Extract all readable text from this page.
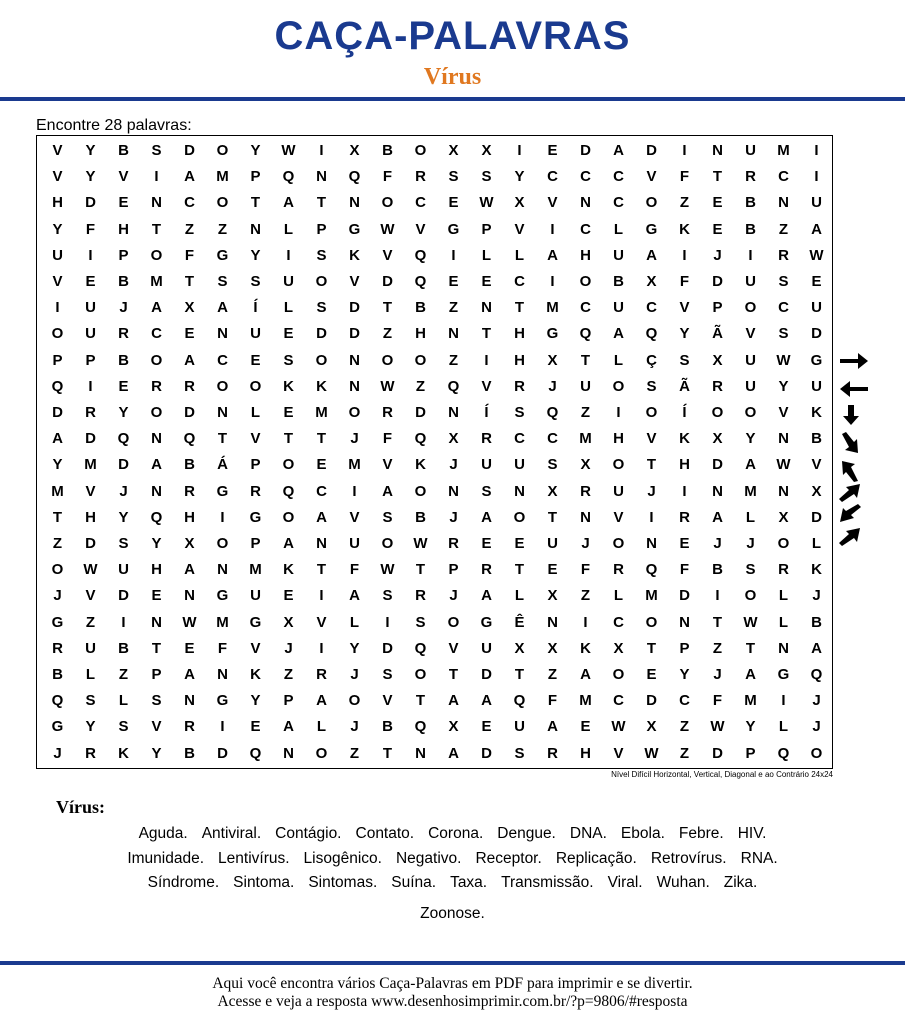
CAÇA-PALAVRAS
Vírus
Encontre 28 palavras:
V	Y	B	S	D	O	Y	W	I	X	B	O	X	X	I	E	D	A	D	I	N	U	M	I
V	Y	V	I	A	M	P	Q	N	Q	F	R	S	S	Y	C	C	C	V	F	T	R	C	I
H	D	E	N	C	O	T	A	T	N	O	C	E	W	X	V	N	C	O	Z	E	B	N	U
Y	F	H	T	Z	Z	N	L	P	G	W	V	G	P	V	I	C	L	G	K	E	B	Z	A
U	I	P	O	F	G	Y	I	S	K	V	Q	I	L	L	A	H	U	A	I	J	I	R	W
V	E	B	M	T	S	S	U	O	V	D	Q	E	E	C	I	O	B	X	F	D	U	S	E
I	U	J	A	X	A	Í	L	S	D	T	B	Z	N	T	M	C	U	C	V	P	O	C	U
O	U	R	C	E	N	U	E	D	D	Z	H	N	T	H	G	Q	A	Q	Y	Ã	V	S	D
P	P	B	O	A	C	E	S	O	N	O	O	Z	I	H	X	T	L	Ç	S	X	U	W	G
Q	I	E	R	R	O	O	K	K	N	W	Z	Q	V	R	J	U	O	S	Ã	R	U	Y	U
D	R	Y	O	D	N	L	E	M	O	R	D	N	Í	S	Q	Z	I	O	Í	O	O	V	K
A	D	Q	N	Q	T	V	T	T	J	F	Q	X	R	C	C	M	H	V	K	X	Y	N	B
Y	M	D	A	B	Á	P	O	E	M	V	K	J	U	U	S	X	O	T	H	D	A	W	V
M	V	J	N	R	G	R	Q	C	I	A	O	N	S	N	X	R	U	J	I	N	M	N	X
T	H	Y	Q	H	I	G	O	A	V	S	B	J	A	O	T	N	V	I	R	A	L	X	D
Z	D	S	Y	X	O	P	A	N	U	O	W	R	E	E	U	J	O	N	E	J	J	O	L
O	W	U	H	A	N	M	K	T	F	W	T	P	R	T	E	F	R	Q	F	B	S	R	K
J	V	D	E	N	G	U	E	I	A	S	R	J	A	L	X	Z	L	M	D	I	O	L	J
G	Z	I	N	W	M	G	X	V	L	I	S	O	G	Ê	N	I	C	O	N	T	W	L	B
R	U	B	T	E	F	V	J	I	Y	D	Q	V	U	X	X	K	X	T	P	Z	T	N	A
B	L	Z	P	A	N	K	Z	R	J	S	O	T	D	T	Z	A	O	E	Y	J	A	G	Q
Q	S	L	S	N	G	Y	P	A	O	V	T	A	A	Q	F	M	C	D	C	F	M	I	J
G	Y	S	V	R	I	E	A	L	J	B	Q	X	E	U	A	E	W	X	Z	W	Y	L	J
J	R	K	Y	B	D	Q	N	O	Z	T	N	A	D	S	R	H	V	W	Z	D	P	Q	O
Nível Difícil Horizontal, Vertical, Diagonal e ao Contrário 24x24
Vírus:
Aguda. Antiviral. Contágio. Contato. Corona. Dengue. DNA. Ebola. Febre. HIV.
Imunidade. Lentivírus. Lisogênico. Negativo. Receptor. Replicação. Retrovírus. RNA.
Síndrome. Sintoma. Sintomas. Suína. Taxa. Transmissão. Viral. Wuhan. Zika.
Zoonose.
Aqui você encontra vários Caça-Palavras em PDF para imprimir e se divertir.
Acesse e veja a resposta www.desenhosimprimir.com.br/?p=9806/#resposta
